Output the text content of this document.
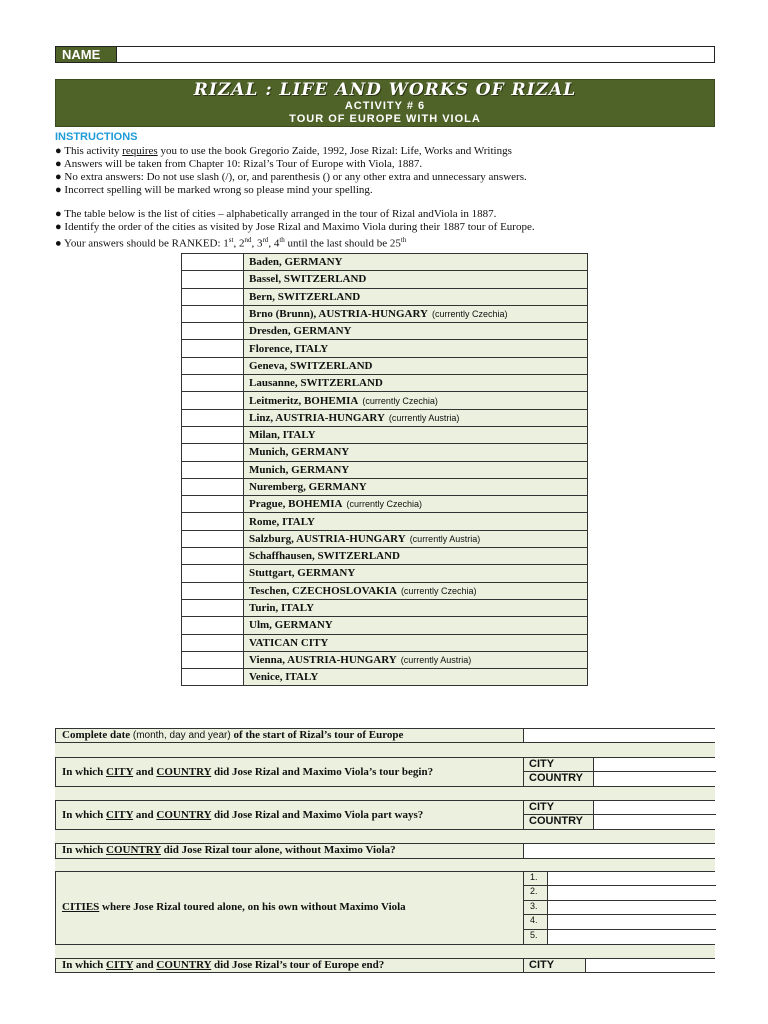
NAME
RIZAL : LIFE AND WORKS OF RIZAL
ACTIVITY # 6
TOUR OF EUROPE WITH VIOLA
INSTRUCTIONS
● This activity requires you to use the book Gregorio Zaide, 1992, Jose Rizal: Life, Works and Writings
● Answers will be taken from Chapter 10: Rizal’s Tour of Europe with Viola, 1887.
● No extra answers: Do not use slash (/), or, and parenthesis () or any other extra and unnecessary answers.
● Incorrect spelling will be marked wrong so please mind your spelling.
● The table below is the list of cities – alphabetically arranged in the tour of Rizal andViola in 1887.
● Identify the order of the cities as visited by Jose Rizal and Maximo Viola during their 1887 tour of Europe.
● Your answers should be RANKED: 1st, 2nd, 3rd, 4th until the last should be 25th
	Baden, GERMANY
	Bassel, SWITZERLAND
	Bern, SWITZERLAND
	Brno (Brunn), AUSTRIA-HUNGARY (currently Czechia)
	Dresden, GERMANY
	Florence, ITALY
	Geneva, SWITZERLAND
	Lausanne, SWITZERLAND
	Leitmeritz, BOHEMIA (currently Czechia)
	Linz, AUSTRIA-HUNGARY (currently Austria)
	Milan, ITALY
	Munich, GERMANY
	Munich, GERMANY
	Nuremberg, GERMANY
	Prague, BOHEMIA (currently Czechia)
	Rome, ITALY
	Salzburg, AUSTRIA-HUNGARY (currently Austria)
	Schaffhausen, SWITZERLAND
	Stuttgart, GERMANY
	Teschen, CZECHOSLOVAKIA (currently Czechia)
	Turin, ITALY
	Ulm, GERMANY
	VATICAN CITY
	Vienna, AUSTRIA-HUNGARY (currently Austria)
	Venice, ITALY
Complete date (month, day and year) of the start of Rizal’s tour of Europe
In which CITY and COUNTRY did Jose Rizal and Maximo Viola’s tour begin?
CITY
COUNTRY
In which CITY and COUNTRY did Jose Rizal and Maximo Viola part ways?
CITY
COUNTRY
In which COUNTRY did Jose Rizal tour alone, without Maximo Viola?
CITIES where Jose Rizal toured alone, on his own without Maximo Viola
1.
2.
3.
4.
5.
In which CITY and COUNTRY did Jose Rizal’s tour of Europe end?	CITY
